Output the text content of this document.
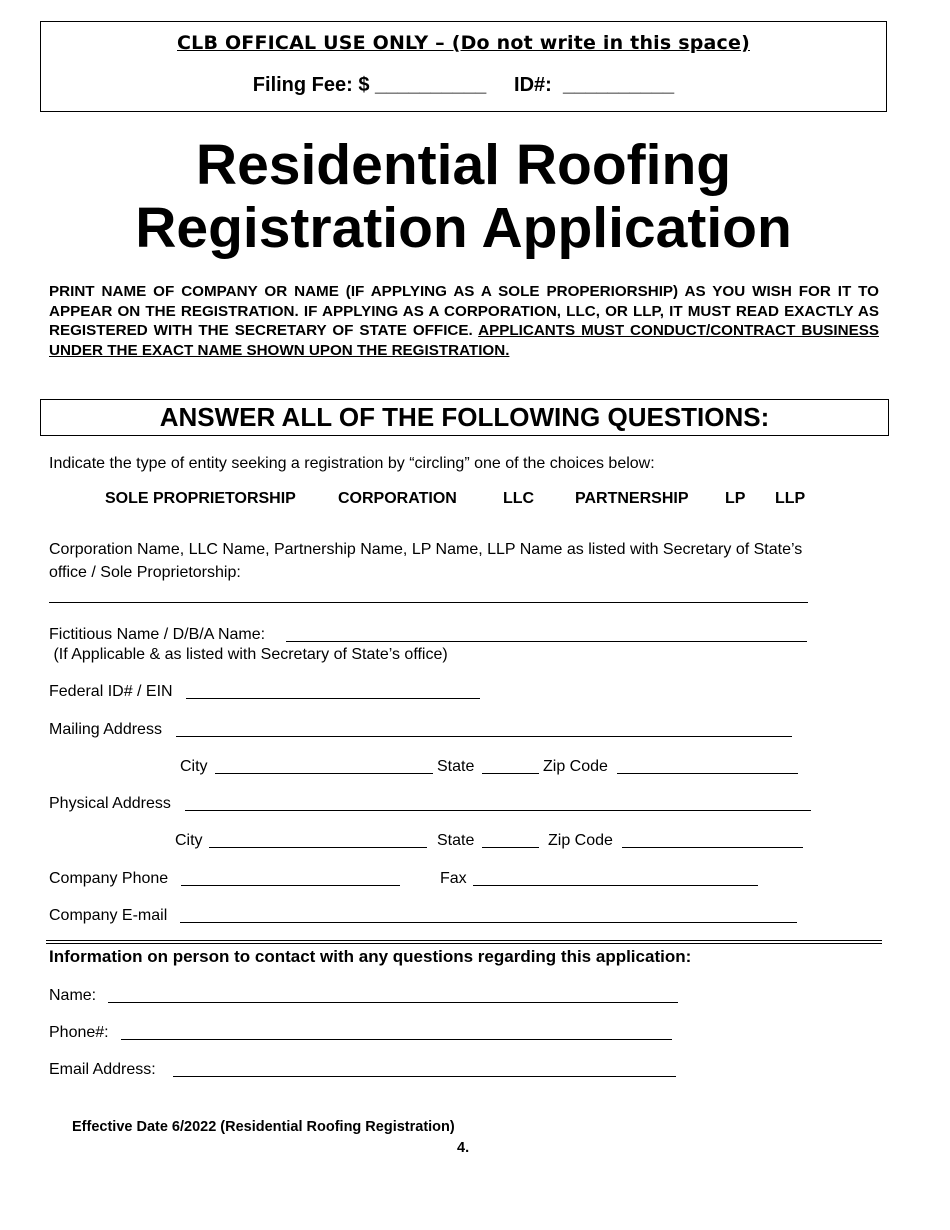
CLB OFFICAL USE ONLY – (Do not write in this space)
Filing Fee: $ __________     ID#:  __________
Residential Roofing
Registration Application
PRINT NAME OF COMPANY OR NAME (IF APPLYING AS A SOLE PROPERIORSHIP) AS YOU WISH FOR IT TO APPEAR ON THE REGISTRATION. IF APPLYING AS A CORPORATION, LLC, OR LLP, IT MUST READ EXACTLY AS REGISTERED WITH THE SECRETARY OF STATE OFFICE. APPLICANTS MUST CONDUCT/CONTRACT BUSINESS UNDER THE EXACT NAME SHOWN UPON THE REGISTRATION.
ANSWER ALL OF THE FOLLOWING QUESTIONS:
Indicate the type of entity seeking a registration by “circling” one of the choices below:
SOLE PROPRIETORSHIP	CORPORATION	LLC	PARTNERSHIP LP LLP
Corporation Name, LLC Name, Partnership Name, LP Name, LLP Name as listed with Secretary of State’s
office / Sole Proprietorship:
Fictitious Name / D/B/A Name:
(If Applicable & as listed with Secretary of State’s office)
Federal ID# / EIN
Mailing Address
City	State	Zip Code
Physical Address
City	State	Zip Code
Company Phone	Fax
Company E-mail
Information on person to contact with any questions regarding this application:
Name:
Phone#:
Email Address:
Effective Date 6/2022 (Residential Roofing Registration)
4.
